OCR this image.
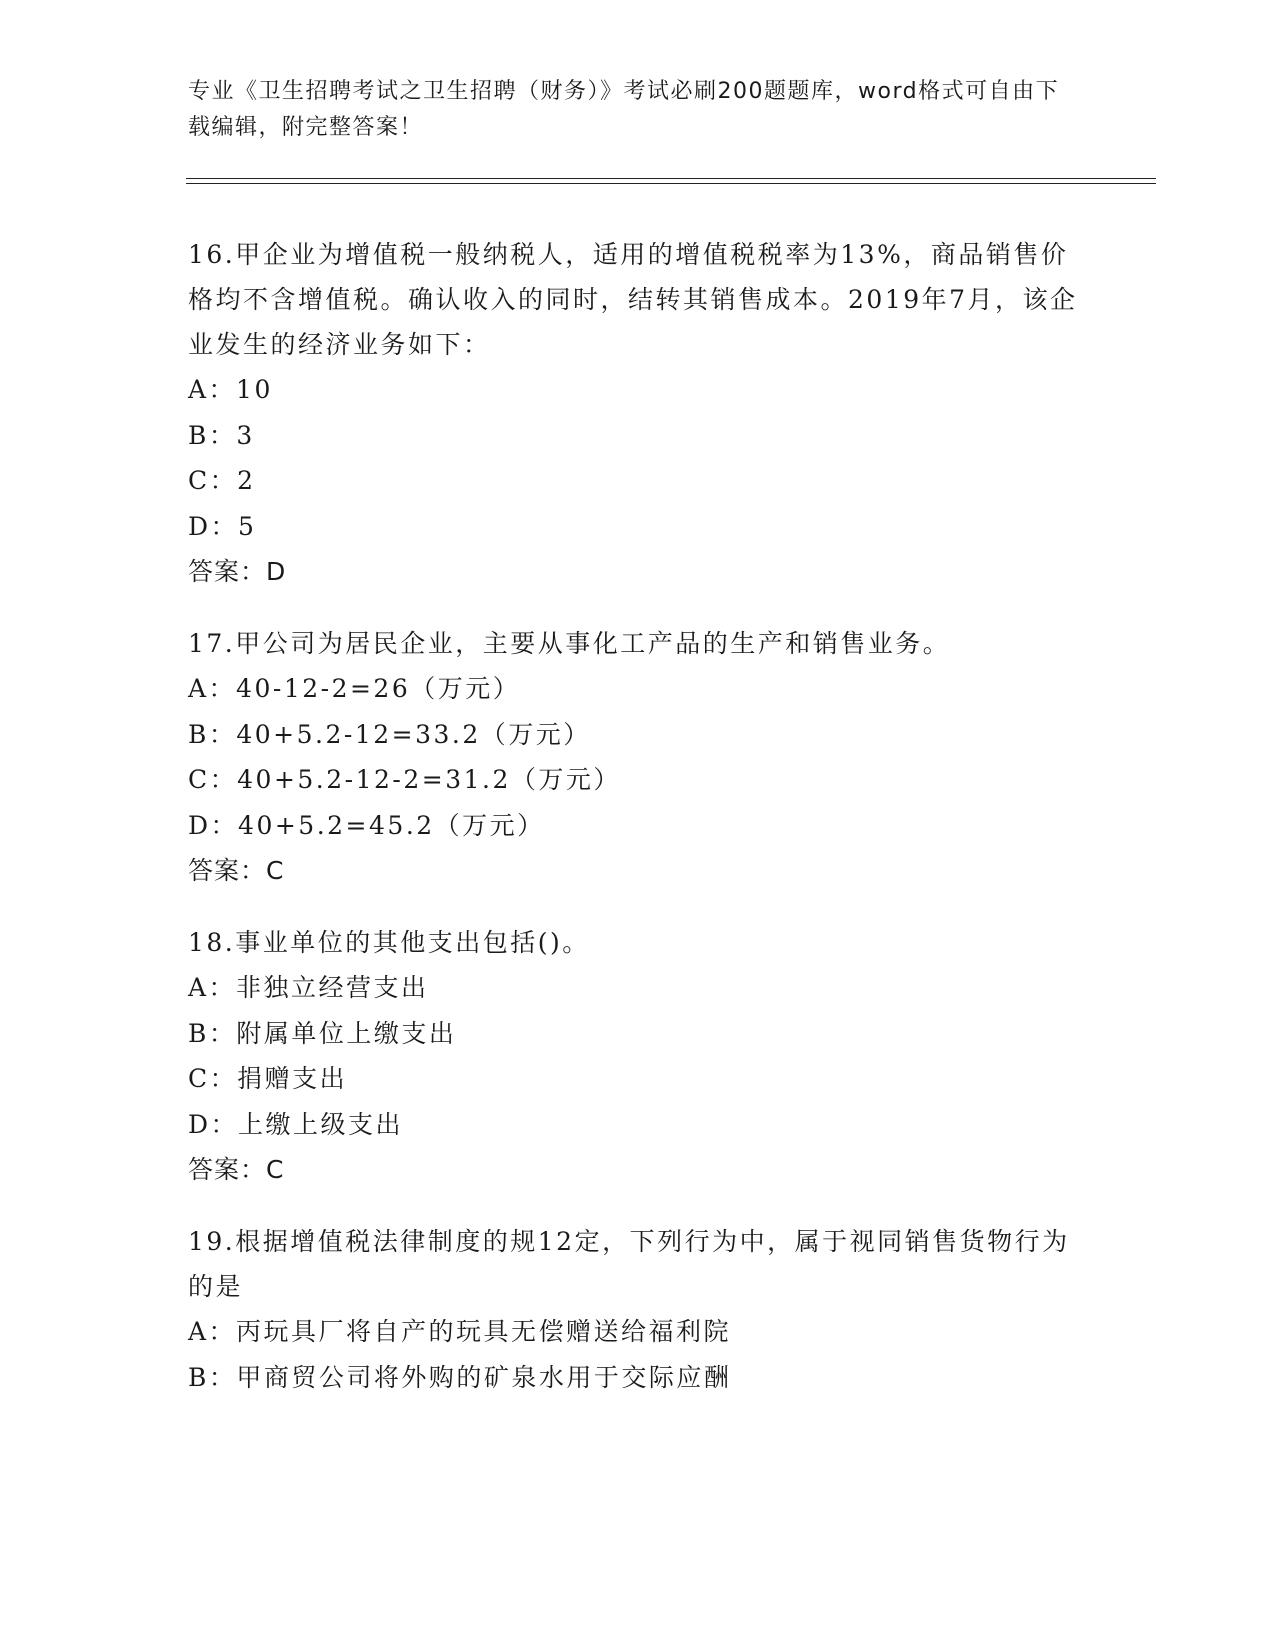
专业《卫生招聘考试之卫生招聘（财务）》考试必刷200题题库，word格式可自由下载编辑，附完整答案！
16.甲企业为增值税一般纳税人，适用的增值税税率为13%，商品销售价格均不含增值税。确认收入的同时，结转其销售成本。2019年7月，该企业发生的经济业务如下：
A：10
B：3
C：2
D：5
答案：D
17.甲公司为居民企业，主要从事化工产品的生产和销售业务。
A：40-12-2=26（万元）
B：40+5.2-12=33.2（万元）
C：40+5.2-12-2=31.2（万元）
D：40+5.2=45.2（万元）
答案：C
18.事业单位的其他支出包括()。
A：非独立经营支出
B：附属单位上缴支出
C：捐赠支出
D：上缴上级支出
答案：C
19.根据增值税法律制度的规12定，下列行为中，属于视同销售货物行为的是
A：丙玩具厂将自产的玩具无偿赠送给福利院
B：甲商贸公司将外购的矿泉水用于交际应酬
